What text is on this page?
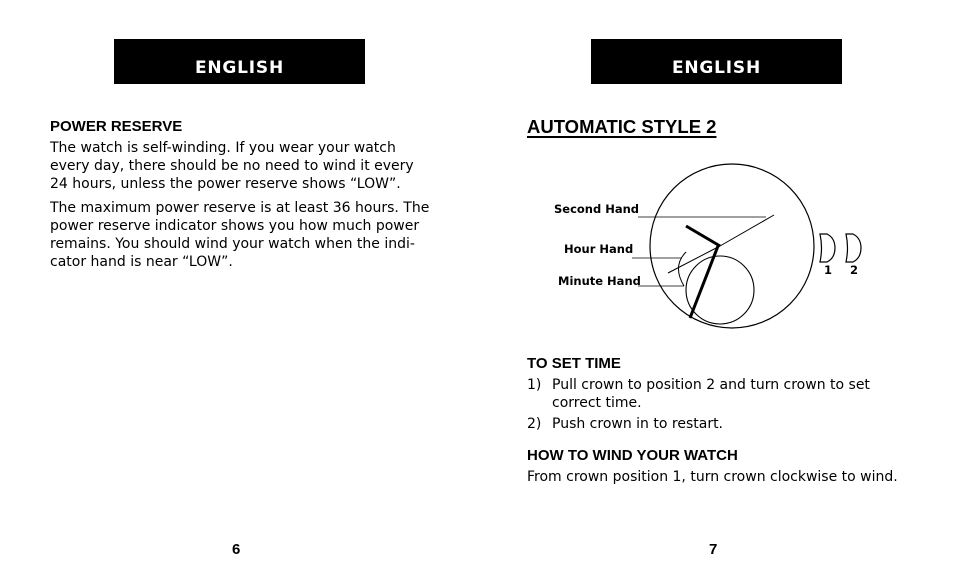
ENGLISH
POWER RESERVE

The watch is self-winding. If you wear your watch every day, there should be no need to wind it every 24 hours, unless the power reserve shows “LOW”.

The maximum power reserve is at least 36 hours. The power reserve indicator shows you how much power remains. You should wind your watch when the indi-cator hand is near “LOW”.

6
ENGLISH
AUTOMATIC STYLE 2
Second Hand
Hour Hand
Minute Hand
1 2
TO SET TIME
1) Pull crown to position 2 and turn crown to set correct time.
2) Push crown in to restart.
HOW TO WIND YOUR WATCH

From crown position 1, turn crown clockwise to wind.

7
